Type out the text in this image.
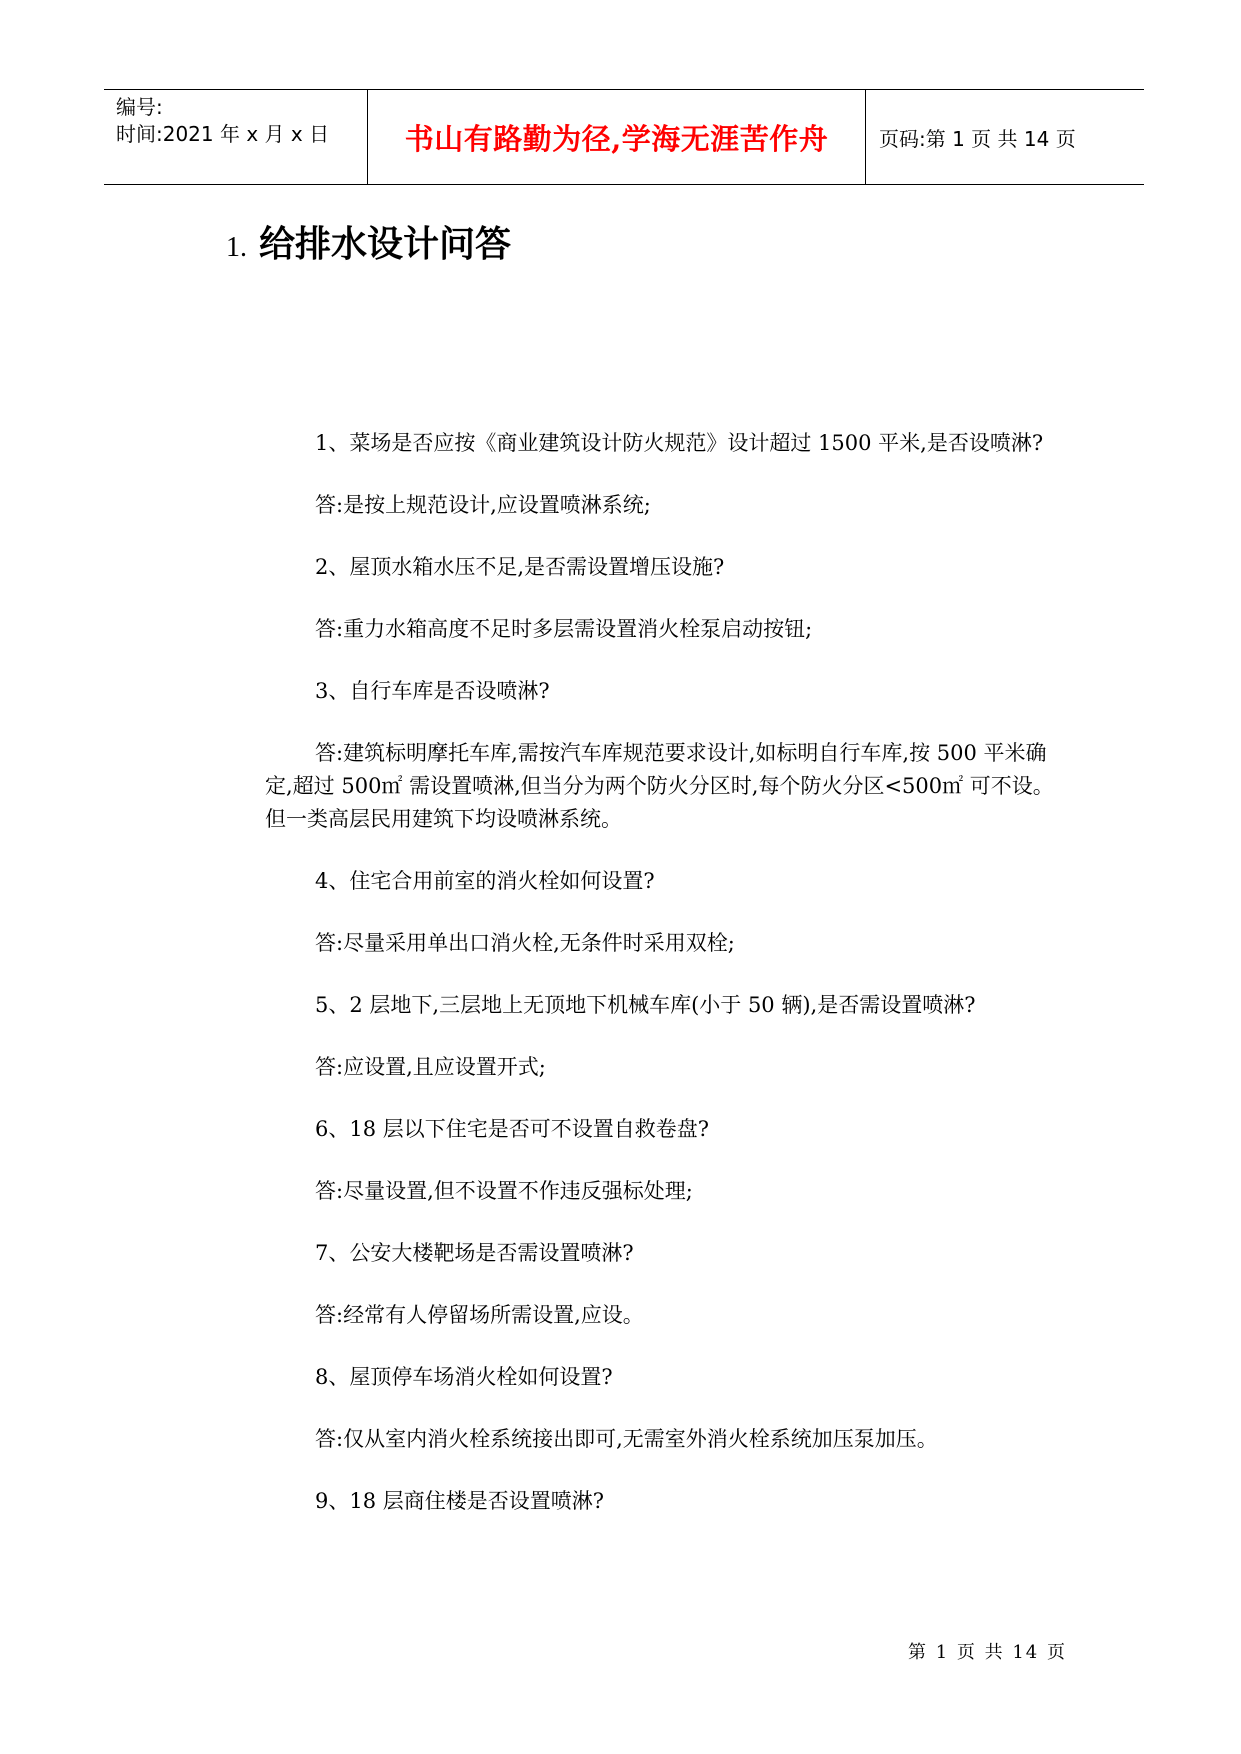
编号:
时间:2021 年 x 月 x 日	书山有路勤为径,学海无涯苦作舟	页码:第 1 页 共 14 页
1. 给排水设计问答

1、菜场是否应按《商业建筑设计防火规范》设计超过 1500 平米,是否设喷淋?

答:是按上规范设计,应设置喷淋系统;

2、屋顶水箱水压不足,是否需设置增压设施?

答:重力水箱高度不足时多层需设置消火栓泵启动按钮;

3、自行车库是否设喷淋?

答:建筑标明摩托车库,需按汽车库规范要求设计,如标明自行车库,按 500 平米确定,超过 500㎡ 需设置喷淋,但当分为两个防火分区时,每个防火分区<500㎡ 可不设。但一类高层民用建筑下均设喷淋系统。

4、住宅合用前室的消火栓如何设置?

答:尽量采用单出口消火栓,无条件时采用双栓;

5、2 层地下,三层地上无顶地下机械车库(小于 50 辆),是否需设置喷淋?

答:应设置,且应设置开式;

6、18 层以下住宅是否可不设置自救卷盘?

答:尽量设置,但不设置不作违反强标处理;

7、公安大楼靶场是否需设置喷淋?

答:经常有人停留场所需设置,应设。

8、屋顶停车场消火栓如何设置?

答:仅从室内消火栓系统接出即可,无需室外消火栓系统加压泵加压。

9、18 层商住楼是否设置喷淋?

第 1 页 共 14 页
